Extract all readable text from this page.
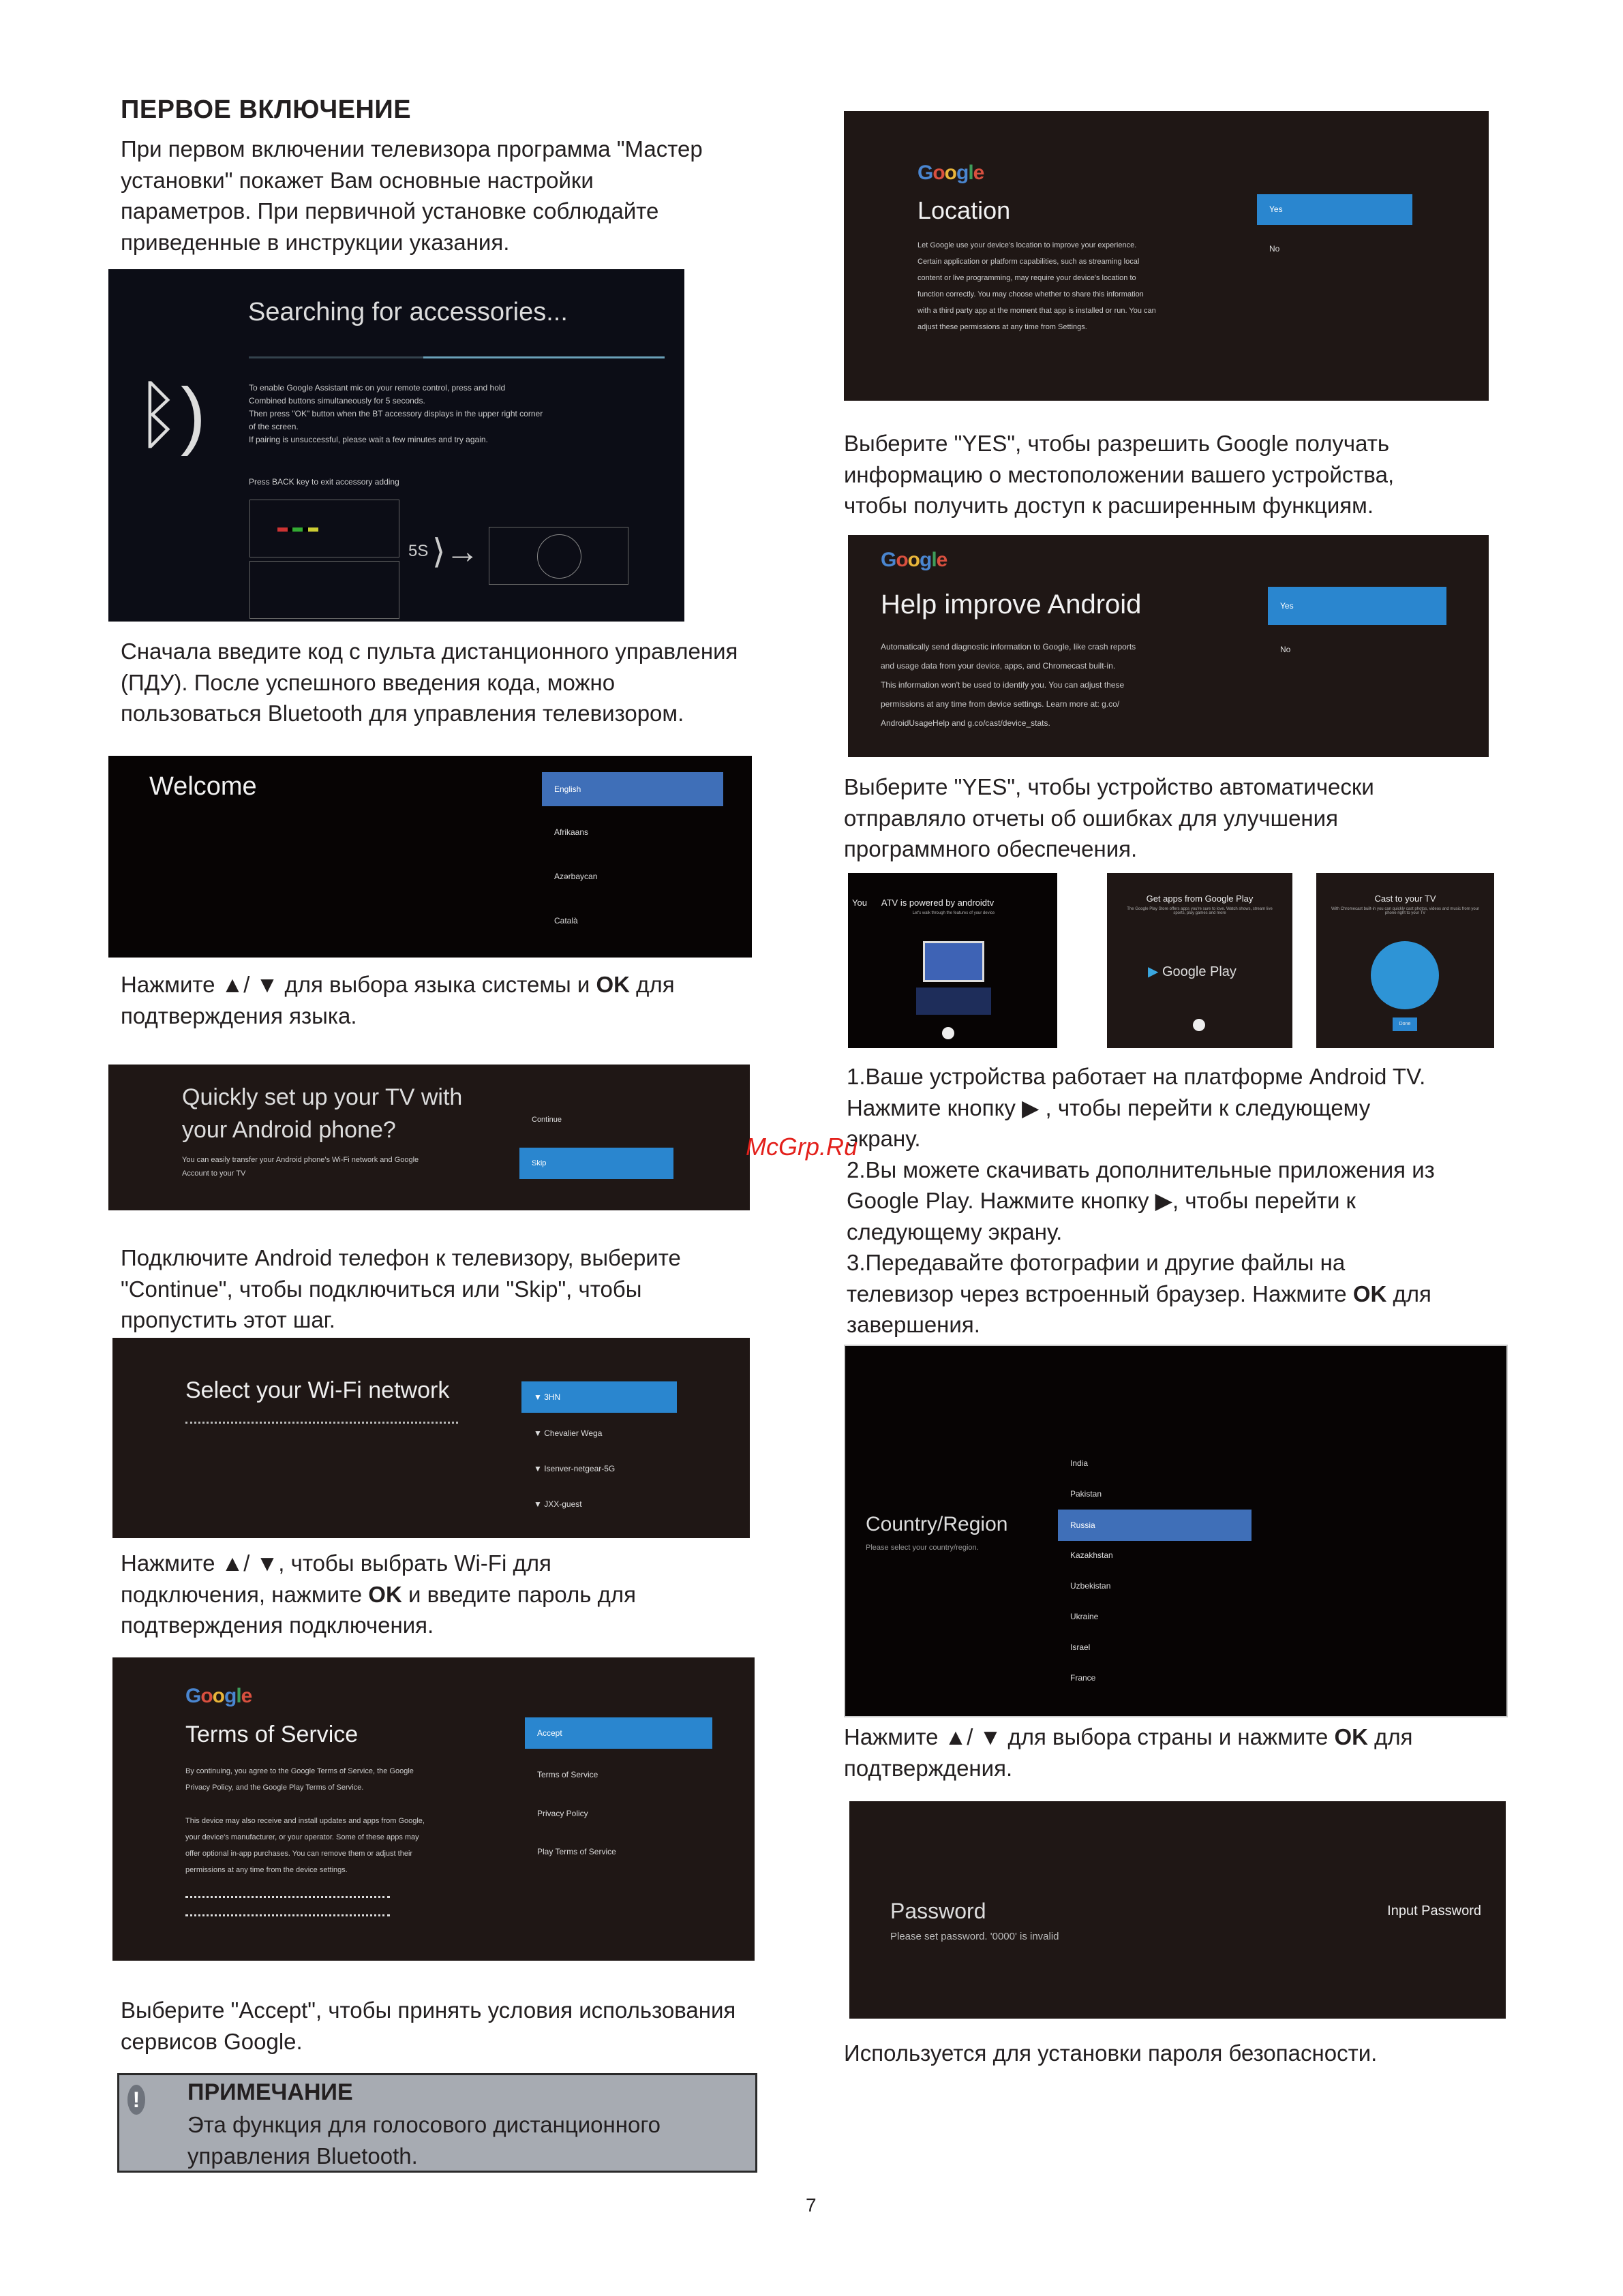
ПЕРВОЕ ВКЛЮЧЕНИЕ
При первом включении телевизора программа "Мастер
установки" покажет Вам основные настройки
параметров. При первичной установке соблюдайте
приведенные в инструкции указания.
Searching for accessories...
ᛒ)	To enable Google Assistant mic on your remote control, press and hold
Combined buttons simultaneously for 5 seconds.
Then press "OK" button when the BT accessory displays in the upper right corner
of the screen.
If pairing is unsuccessful, please wait a few minutes and try again.
Press BACK key to exit accessory adding
5S ⟩→
Сначала введите код с пульта дистанционного управления
(ПДУ). После успешного введения кода, можно
пользоваться Bluetooth для управления телевизором.
Welcome	English
Afrikaans
Azərbaycan
Català
Нажмите ▲/ ▼ для выбора языка системы и OK для
подтверждения языка.
Quickly set up your TV with
your Android phone?
You can easily transfer your Android phone's Wi-Fi network and Google
Account to your TV
Continue
Skip
Подключите Android телефон к телевизору, выберите
"Continue", чтобы подключиться или "Skip", чтобы
пропустить этот шаг.
Select your Wi-Fi network	▼ 3HN
▼ Chevalier Wega
▼ Isenver-netgear-5G
▼ JXX-guest
Нажмите ▲/ ▼, чтобы выбрать Wi-Fi для
подключения, нажмите OK и введите пароль для
подтверждения подключения.
Google
Terms of Service
By continuing, you agree to the Google Terms of Service, the Google
Privacy Policy, and the Google Play Terms of Service.
This device may also receive and install updates and apps from Google,
your device's manufacturer, or your operator. Some of these apps may
offer optional in-app purchases. You can remove them or adjust their
permissions at any time from the device settings.
Accept
Terms of Service
Privacy Policy
Play Terms of Service
Выберите "Accept", чтобы принять условия использования
сервисов Google.
! ПРИМЕЧАНИЕ
Эта функция для голосового дистанционного
управления Bluetooth.
7
Google
Location
Let Google use your device's location to improve your experience.
Certain application or platform capabilities, such as streaming local
content or live programming, may require your device's location to
function correctly. You may choose whether to share this information
with a third party app at the moment that app is installed or run. You can
adjust these permissions at any time from Settings.
Yes
No
Выберите "YES", чтобы разрешить Google получать
информацию о местоположении вашего устройства,
чтобы получить доступ к расширенным функциям.
Google
Help improve Android
Automatically send diagnostic information to Google, like crash reports
and usage data from your device, apps, and Chromecast built-in.
This information won't be used to identify you. You can adjust these
permissions at any time from device settings. Learn more at: g.co/
AndroidUsageHelp and g.co/cast/device_stats.
Yes
No
Выберите "YES", чтобы устройство автоматически
отправляло отчеты об ошибках для улучшения
программного обеспечения.
You      ATV is powered by androidtv
Let's walk through the features of your device
Get apps from Google Play
The Google Play Store offers apps you're sure to love. Watch shows, stream live sports, play games and more
▶ Google Play
Cast to your TV
With Chromecast built-in you can quickly cast photos, videos and music from your phone right to your TV
Done
1.Ваше устройства работает на платформе Android TV.
Нажмите кнопку ▶ , чтобы перейти к следующему
экрану.
2.Вы можете скачивать дополнительные приложения из
Google Play. Нажмите кнопку ▶, чтобы перейти к
следующему экрану.
3.Передавайте фотографии и другие файлы на
телевизор через встроенный браузер. Нажмите OK для
завершения.
McGrp.Ru
Country/Region
Please select your country/region.
India
Pakistan
Russia
Kazakhstan
Uzbekistan
Ukraine
Israel
France
Нажмите ▲/ ▼ для выбора страны и нажмите OK для
подтверждения.
Password
Please set password. '0000' is invalid
Input Password
Используется для установки пароля безопасности.
